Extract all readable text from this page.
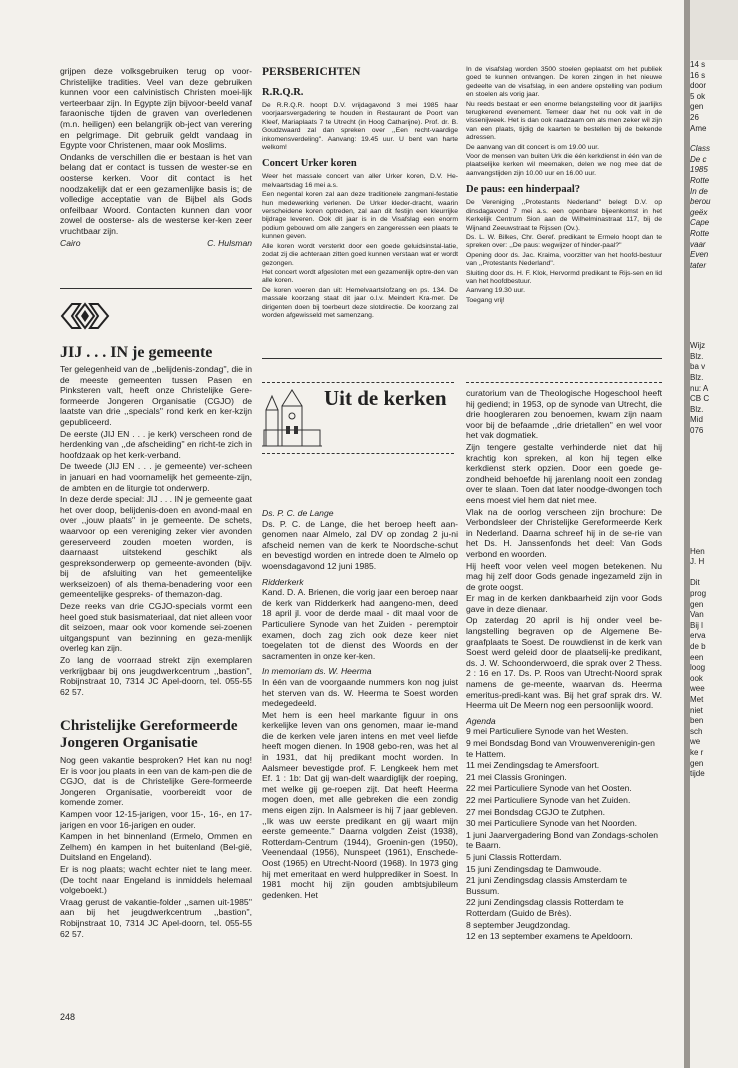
grijpen deze volksgebruiken terug op voor-Christelijke tradities. Veel van deze gebruiken kunnen voor een calvinistisch Christen moei-lijk verteerbaar zijn. In Egypte zijn bijvoor-beeld vanaf faraonische tijden de graven van overledenen (m.n. heiligen) een belangrijk ob-ject van verering en pelgrimage. Dit gebruik geldt vandaag in Egypte voor Christenen, maar ook Moslims.

Ondanks de verschillen die er bestaan is het van belang dat er contact is tussen de wester-se en oosterse kerken. Voor dit contact is het noodzakelijk dat er een gezamenlijke basis is; de volledige acceptatie van de Bijbel als Gods onfeilbaar Woord. Contacten kunnen dan voor zowel de oosterse- als de westerse ker-ken zeer vruchtbaar zijn.

Cairo	C. Hulsman
JIJ . . . IN je gemeente

Ter gelegenheid van de ,,belijdenis-zondag'', die in de meeste gemeenten tussen Pasen en Pinksteren valt, heeft onze Christelijke Gere-formeerde Jongeren Organisatie (CGJO) de laatste van drie ,,specials'' rond kerk en ker-kzijn gepubliceerd.

De eerste (JIJ EN . . . je kerk) verscheen rond de herdenking van ,,de afscheiding'' en richt-te zich in hoofdzaak op het kerk-verband.

De tweede (JIJ EN . . . je gemeente) ver-scheen in januari en had voornamelijk het gemeente-zijn, de ambten en de liturgie tot onderwerp.

In deze derde special: JIJ . . . IN je gemeente gaat het over doop, belijdenis-doen en avond-maal en over ,,jouw plaats'' in je gemeente. De schets, waarvoor op een vereniging zeker vier avonden gereserveerd zouden moeten worden, is daarnaast uitstekend geschikt als gespreksonderwerp op gemeente-avonden (bijv. bij de afsluiting van het gemeentelijke werkseizoen) of als thema-benadering voor een gemeentelijke gespreks- of themazon-dag.

Deze reeks van drie CGJO-specials vormt een heel goed stuk basismateriaal, dat niet alleen voor dit seizoen, maar ook voor komende sei-zoenen uitgangspunt van bezinning en geza-menlijk overleg kan zijn.

Zo lang de voorraad strekt zijn exemplaren verkrijgbaar bij ons jeugdwerkcentrum ,,bastion'', Robijnstraat 10, 7314 JC Apel-doorn, tel. 055-55 62 57.

Christelijke Gereformeerde Jongeren Organisatie

Nog geen vakantie besproken? Het kan nu nog! Er is voor jou plaats in een van de kam-pen die de CGJO, dat is de Christelijke Gere-formeerde Jongeren Organisatie, voorbereidt voor de komende zomer.

Kampen voor 12-15-jarigen, voor 15-, 16-, en 17-jarigen en voor 16-jarigen en ouder.

Kampen in het binnenland (Ermelo, Ommen en Zelhem) én kampen in het buitenland (Bel-gië, Duitsland en Engeland).

Er is nog plaats; wacht echter niet te lang meer. (De tocht naar Engeland is inmiddels helemaal volgeboekt.)

Vraag gerust de vakantie-folder ,,samen uit-1985'' aan bij het jeugdwerkcentrum ,,bastion'', Robijnstraat 10, 7314 JC Apel-doorn, tel. 055-55 62 57.

248
PERSBERICHTEN
R.R.Q.R.

De R.R.Q.R. hoopt D.V. vrijdagavond 3 mei 1985 haar voorjaarsvergadering te houden in Restaurant de Poort van Kleef, Mariaplaats 7 te Utrecht (in Hoog Catharijne). Prof. dr. B. Goudzwaard zal dan spreken over ,,Een recht-vaardige inkomensverdeling''. Aanvang: 19.45 uur. U bent van harte welkom!

Concert Urker koren

Weer het massale concert van aller Urker koren, D.V. He-melvaartsdag 16 mei a.s.

Een negental koren zal aan deze traditionele zangmani-festatie hun medewerking verlenen. De Urker kleder-dracht, waarin verscheidene koren optreden, zal aan dit festijn een kleurrijke bijdrage leveren. Ook dit jaar is in de Visafslag een enorm podium gebouwd om alle zangers en zangeressen een plaats te kunnen geven.

Alle koren wordt versterkt door een goede geluidsinstal-latie, zodat zij die achteraan zitten goed kunnen verstaan wat er wordt gezongen.

Het concert wordt afgesloten met een gezamenlijk optre-den van alle koren.

De koren voeren dan uit: Hemelvaartslofzang en ps. 134. De massale koorzang staat dit jaar o.l.v. Meindert Kra-mer. De dirigenten doen bij toerbeurt deze slotdirectie. De koorzang zal worden afgewisseld met samenzang.

In de visafslag worden 3500 stoelen geplaatst om het publiek goed te kunnen ontvangen. De koren zingen in het nieuwe gedeelte van de visafslag, in een andere opstelling van podium en stoelen als vorig jaar.

Nu reeds bestaat er een enorme belangstelling voor dit jaarlijks terugkerend evenement. Temeer daar het nu ook valt in de vissenijweek. Het is dan ook raadzaam om als men zeker wil zijn van een plaats, tijdig de kaarten te bestellen bij de bekende adressen.

De aanvang van dit concert is om 19.00 uur.

Voor de mensen van buiten Urk die één kerkdienst in één van de plaatselijke kerken wil meemaken, delen we nog mee dat de aanvangstijden zijn 10.00 uur en 16.00 uur.

De paus: een hinderpaal?

De Vereniging ,,Protestants Nederland'' belegt D.V. op dinsdagavond 7 mei a.s. een openbare bijeenkomst in het Kerkelijk Centrum Sion aan de Wilhelminastraat 117, bij de Wijnand Zeeuwstraat te Rijssen (Ov.).

Ds. L. W. Bilkes, Chr. Geref. predikant te Ermelo hoopt dan te spreken over: ,,De paus: wegwijzer of hinder-paal?''

Opening door ds. Jac. Kraima, voorzitter van het hoofd-bestuur van ,,Protestants Nederland''.

Sluiting door ds. H. F. Klok, Hervormd predikant te Rijs-sen en lid van het hoofdbestuur.

Aanvang 19.30 uur.

Toegang vrij!

Uit de kerken
Ds. P. C. de Lange

Ds. P. C. de Lange, die het beroep heeft aan-genomen naar Almelo, zal DV op zondag 2 ju-ni afscheid nemen van de kerk te Noordsche-schut en bevestigd worden en intrede doen te Almelo op woensdagavond 12 juni 1985.

Ridderkerk

Kand. D. A. Brienen, die vorig jaar een beroep naar de kerk van Ridderkerk had aangeno-men, deed 18 april jl. voor de derde maal - dit maal voor de Particuliere Synode van het Zuiden - peremptoir examen, doch zag zich ook deze keer niet toegelaten tot de dienst des Woords en der sacramenten in onze ker-ken.

In memoriam ds. W. Heerma

In één van de voorgaande nummers kon nog juist het sterven van ds. W. Heerma te Soest worden medegedeeld.

Met hem is een heel markante figuur in ons kerkelijke leven van ons genomen, maar ie-mand die de kerken vele jaren intens en met veel liefde heeft mogen dienen. In 1908 gebo-ren, was het al in 1931, dat hij predikant mocht worden. In Aalsmeer bevestigde prof. F. Lengkeek hem met Ef. 1 : 1b: Dat gij wan-delt waardiglijk der roeping, met welke gij ge-roepen zijt. Dat heeft Heerma mogen doen, met alle gebreken die een zondig mens eigen zijn. In Aalsmeer is hij 7 jaar gebleven. ,,Ik was uw eerste predikant en gij waart mijn eerste gemeente.'' Daarna volgden Zeist (1938), Rotterdam-Centrum (1944), Groenin-gen (1950), Veenendaal (1956), Nunspeet (1961), Enschede-Oost (1965) en Utrecht-Noord (1968). In 1973 ging hij met emeritaat en werd hulpprediker in Soest. In 1981 mocht hij zijn gouden ambtsjubileum gedenken. Het

curatorium van de Theologische Hogeschool heeft hij gediend; in 1953, op de synode van Utrecht, die drie hoogleraren zou benoemen, kwam zijn naam voor bij de befaamde ,,drie drietallen'' en wel voor het vak dogmatiek.

Zijn tengere gestalte verhinderde niet dat hij krachtig kon spreken, al kon hij tegen elke kerkdienst sterk opzien. Door een goede ge-zondheid behoefde hij jarenlang nooit een zondag over te slaan. Toen dat later noodge-dwongen toch eens moest viel hem dat niet mee.

Vlak na de oorlog verscheen zijn brochure: De Verbondsleer der Christelijke Gereformeerde Kerk in Nederland. Daarna schreef hij in de se-rie van het Ds. H. Janssenfonds het deel: Van Gods verbond en woorden.

Hij heeft voor velen veel mogen betekenen. Nu mag hij zelf door Gods genade ingezameld zijn in de grote oogst.

Er mag in de kerken dankbaarheid zijn voor Gods gave in deze dienaar.

Op zaterdag 20 april is hij onder veel be-langstelling begraven op de Algemene Be-graafplaats te Soest. De rouwdienst in de kerk van Soest werd geleid door de plaatselij-ke predikant, ds. J. W. Schoonderwoerd, die sprak over 2 Thess. 2 : 16 en 17. Ds. P. Roos van Utrecht-Noord sprak namens de ge-meente, waarvan ds. Heerma emeritus-predi-kant was. Bij het graf sprak drs. W. Heerma uit De Meern nog een persoonlijk woord.

Agenda

9 mei Particuliere Synode van het Westen.

9 mei Bondsdag Bond van Vrouwenverenigin-gen te Hattem.

11 mei Zendingsdag te Amersfoort.

21 mei Classis Groningen.

22 mei Particuliere Synode van het Oosten.

22 mei Particuliere Synode van het Zuiden.

27 mei Bondsdag CGJO te Zutphen.

30 mei Particuliere Synode van het Noorden.

1 juni Jaarvergadering Bond van Zondags-scholen te Baarn.

5 juni Classis Rotterdam.

15 juni Zendingsdag te Damwoude.

21 juni Zendingsdag classis Amsterdam te Bussum.

22 juni Zendingsdag classis Rotterdam te Rotterdam (Guido de Brès).

8 september Jeugdzondag.

12 en 13 september examens te Apeldoorn.

14 s
16 s
door
5 ok
gen
26
Ame
Class
De c
1985
Rotte
In de
berou
geëx
Cape
Rotte
vaar
Even
tater
Wijz
Blz.
ba v
Blz.
nu: A
CB C
Blz.
Mid
076
Hen
J. H

Dit
prog
gen
Van
Bij l
erva
de b
een
loog
ook
wee
Met
niet
ben
sch
we
ke r
gen
tijde
